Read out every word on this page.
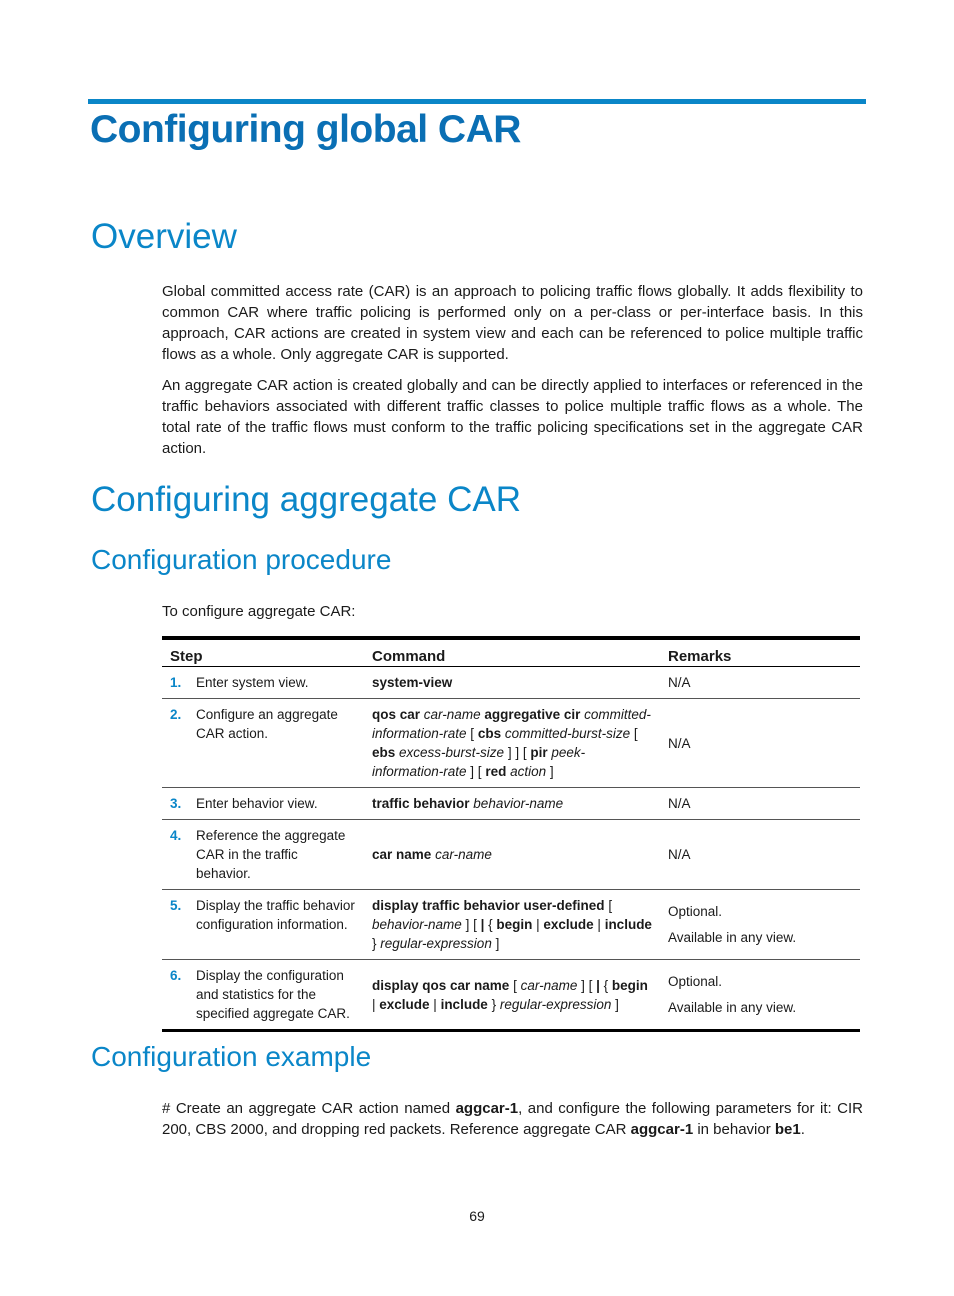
Configuring global CAR
Overview

Global committed access rate (CAR) is an approach to policing traffic flows globally. It adds flexibility to common CAR where traffic policing is performed only on a per-class or per-interface basis. In this approach, CAR actions are created in system view and each can be referenced to police multiple traffic flows as a whole. Only aggregate CAR is supported.

An aggregate CAR action is created globally and can be directly applied to interfaces or referenced in the traffic behaviors associated with different traffic classes to police multiple traffic flows as a whole. The total rate of the traffic flows must conform to the traffic policing specifications set in the aggregate CAR action.

Configuring aggregate CAR
Configuration procedure

To configure aggregate CAR:

Step		Command	Remarks
1.	Enter system view.	system-view	N/A

2.	Configure an aggregate CAR action.	qos car car-name aggregative cir committed-information-rate [ cbs committed-burst-size [ ebs excess-burst-size ] ] [ pir peek-information-rate ] [ red action ]	N/A

3.	Enter behavior view.	traffic behavior behavior-name	N/A

4.	Reference the aggregate CAR in the traffic behavior.	car name car-name	N/A

5.	Display the traffic behavior configuration information.	display traffic behavior user-defined [ behavior-name ] [ | { begin | exclude | include } regular-expression ]	Optional.
Available in any view.

6.	Display the configuration and statistics for the specified aggregate CAR.	display qos car name [ car-name ] [ | { begin | exclude | include } regular-expression ]	Optional.
Available in any view.
Configuration example

# Create an aggregate CAR action named aggcar-1, and configure the following parameters for it: CIR 200, CBS 2000, and dropping red packets. Reference aggregate CAR aggcar-1 in behavior be1.

69
